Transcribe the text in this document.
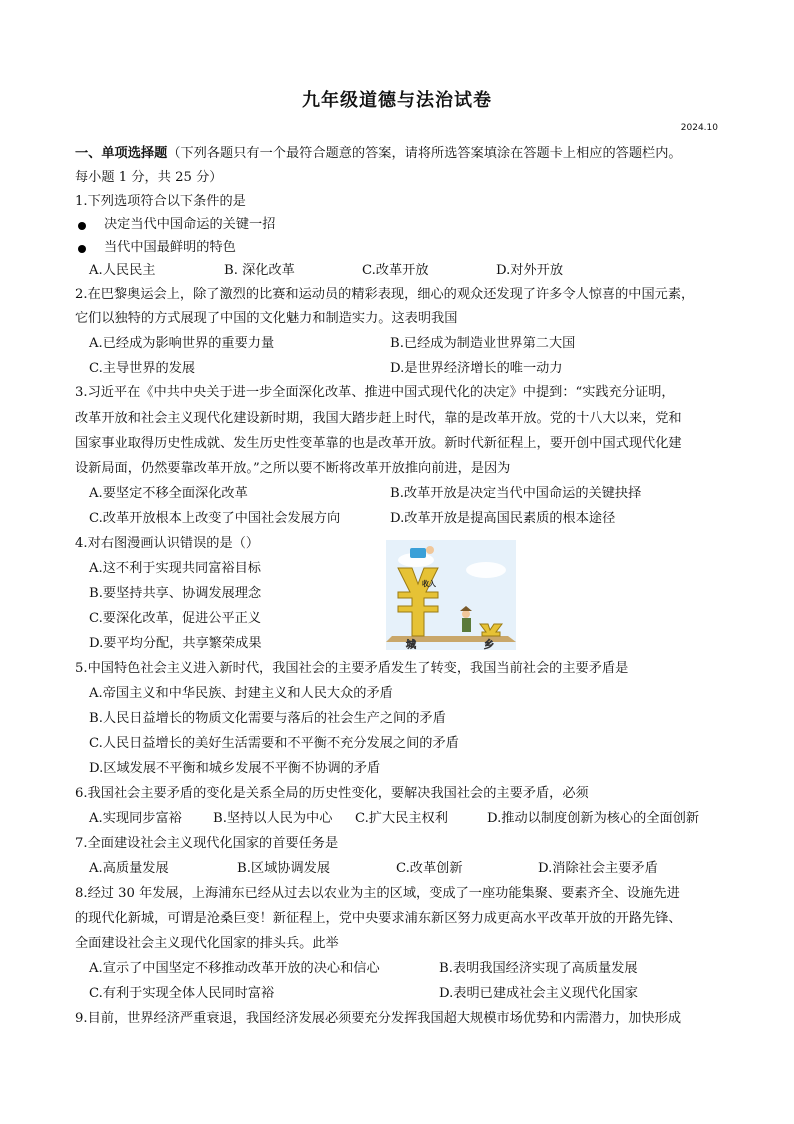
九年级道德与法治试卷
2024.10
一、单项选择题（下列各题只有一个最符合题意的答案，请将所选答案填涂在答题卡上相应的答题栏内。
每小题 1 分，共 25 分）
1.下列选项符合以下条件的是
决定当代中国命运的关键一招
当代中国最鲜明的特色
A.人民民主	B. 深化改革	C.改革开放	D.对外开放
2.在巴黎奥运会上，除了激烈的比赛和运动员的精彩表现，细心的观众还发现了许多令人惊喜的中国元素，
它们以独特的方式展现了中国的文化魅力和制造实力。这表明我国
A.已经成为影响世界的重要力量	B.已经成为制造业世界第二大国
C.主导世界的发展	D.是世界经济增长的唯一动力
3.习近平在《中共中央关于进一步全面深化改革、推进中国式现代化的决定》中提到：“实践充分证明，
改革开放和社会主义现代化建设新时期，我国大踏步赶上时代，靠的是改革开放。党的十八大以来，党和
国家事业取得历史性成就、发生历史性变革靠的也是改革开放。新时代新征程上，要开创中国式现代化建
设新局面，仍然要靠改革开放。”之所以要不断将改革开放推向前进，是因为
A.要坚定不移全面深化改革	B.改革开放是决定当代中国命运的关键抉择
C.改革开放根本上改变了中国社会发展方向	D.改革开放是提高国民素质的根本途径
4.对右图漫画认识错误的是（）
A.这不利于实现共同富裕目标
B.要坚持共享、协调发展理念
C.要深化改革，促进公平正义
D.要平均分配，共享繁荣成果
收入
城	乡
5.中国特色社会主义进入新时代，我国社会的主要矛盾发生了转变，我国当前社会的主要矛盾是
A.帝国主义和中华民族、封建主义和人民大众的矛盾
B.人民日益增长的物质文化需要与落后的社会生产之间的矛盾
C.人民日益增长的美好生活需要和不平衡不充分发展之间的矛盾
D.区域发展不平衡和城乡发展不平衡不协调的矛盾
6.我国社会主要矛盾的变化是关系全局的历史性变化，要解决我国社会的主要矛盾，必须
A.实现同步富裕 B.坚持以人民为中心 C.扩大民主权利	D.推动以制度创新为核心的全面创新
7.全面建设社会主义现代化国家的首要任务是
A.高质量发展	B.区域协调发展	C.改革创新	D.消除社会主要矛盾
8.经过 30 年发展，上海浦东已经从过去以农业为主的区域，变成了一座功能集聚、要素齐全、设施先进
的现代化新城，可谓是沧桑巨变！新征程上，党中央要求浦东新区努力成更高水平改革开放的开路先锋、
全面建设社会主义现代化国家的排头兵。此举
A.宣示了中国坚定不移推动改革开放的决心和信心	B.表明我国经济实现了高质量发展
C.有利于实现全体人民同时富裕	D.表明已建成社会主义现代化国家
9.目前，世界经济严重衰退，我国经济发展必须要充分发挥我国超大规模市场优势和内需潜力，加快形成
